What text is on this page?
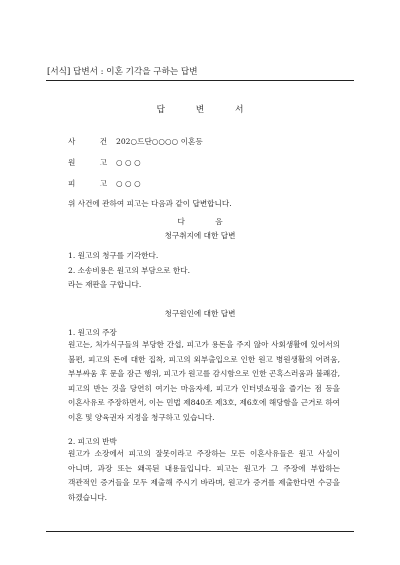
[서식] 답변서 : 이혼 기각을 구하는 답변
답 변 서
사 건
202○드단○○○○ 이혼등
원 고
○ ○ ○
피 고
○ ○ ○
위 사건에 관하여 피고는 다음과 같이 답변합니다.
다 음
청구취지에 대한 답변
1. 원고의 청구를 기각한다.
2. 소송비용은 원고의 부담으로 한다.
라는 재판을 구합니다.
청구원인에 대한 답변
1. 원고의 주장
원고는, 처가식구들의 부당한 간섭, 피고가 용돈을 주지 않아 사회생활에 있어서의 불편, 피고의 돈에 대한 집착, 피고의 외부출입으로 인한 원고 병원생활의 어려움, 부부싸움 후 문을 잠근 행위, 피고가 원고를 감시함으로 인한 곤혹스러움과 불쾌감, 피고의 반는 것을 당연히 여기는 마음자세, 피고가 인터넷쇼핑을 즐기는 점 등을 이혼사유로 주장하면서, 이는 민법 제840조 제3호, 제6호에 해당함을 근거로 하여 이혼 및 양육권자 지정을 청구하고 있습니다.
2. 피고의 반박
원고가 소장에서 피고의 잘못이라고 주장하는 모든 이혼사유들은 원고 사실이 아니며, 과장 또는 왜곡된 내용들입니다. 피고는 원고가 그 주장에 부합하는 객관적인 증거들을 모두 제출해 주시기 바라며, 원고가 증거를 제출한다면 수긍을 하겠습니다.
